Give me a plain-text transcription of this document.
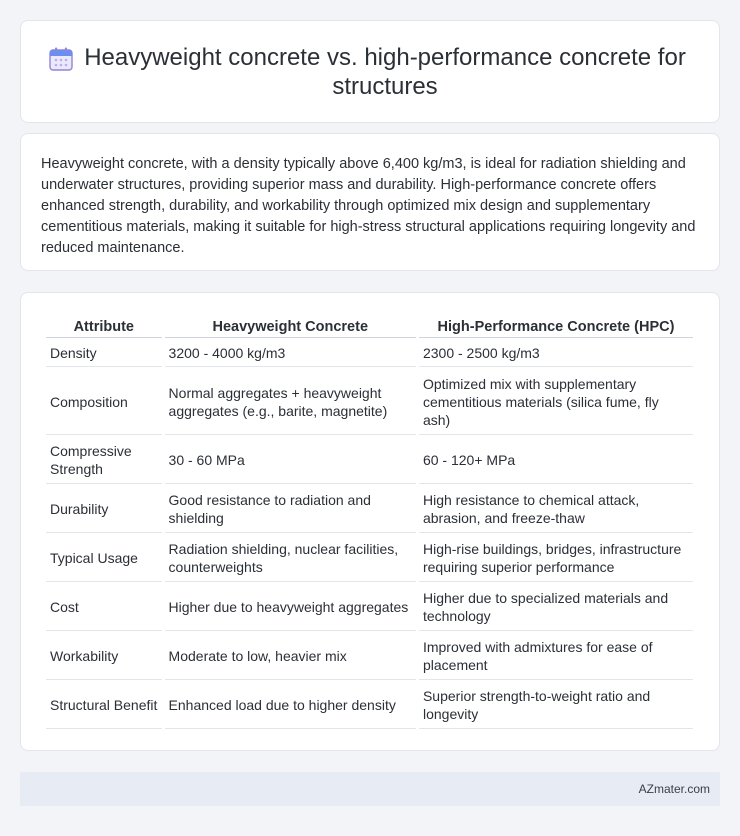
Heavyweight concrete vs. high-performance concrete for structures

Heavyweight concrete, with a density typically above 6,400 kg/m3, is ideal for radiation shielding and underwater structures, providing superior mass and durability. High-performance concrete offers enhanced strength, durability, and workability through optimized mix design and supplementary cementitious materials, making it suitable for high-stress structural applications requiring longevity and reduced maintenance.

Attribute	Heavyweight Concrete	High-Performance Concrete (HPC)
Density	3200 - 4000 kg/m3	2300 - 2500 kg/m3
Composition	Normal aggregates + heavyweight aggregates (e.g., barite, magnetite)	Optimized mix with supplementary cementitious materials (silica fume, fly ash)
Compressive Strength	30 - 60 MPa	60 - 120+ MPa
Durability	Good resistance to radiation and shielding	High resistance to chemical attack, abrasion, and freeze-thaw
Typical Usage	Radiation shielding, nuclear facilities, counterweights	High-rise buildings, bridges, infrastructure requiring superior performance
Cost	Higher due to heavyweight aggregates	Higher due to specialized materials and technology
Workability	Moderate to low, heavier mix	Improved with admixtures for ease of placement
Structural Benefit	Enhanced load due to higher density	Superior strength-to-weight ratio and longevity
AZmater.com
